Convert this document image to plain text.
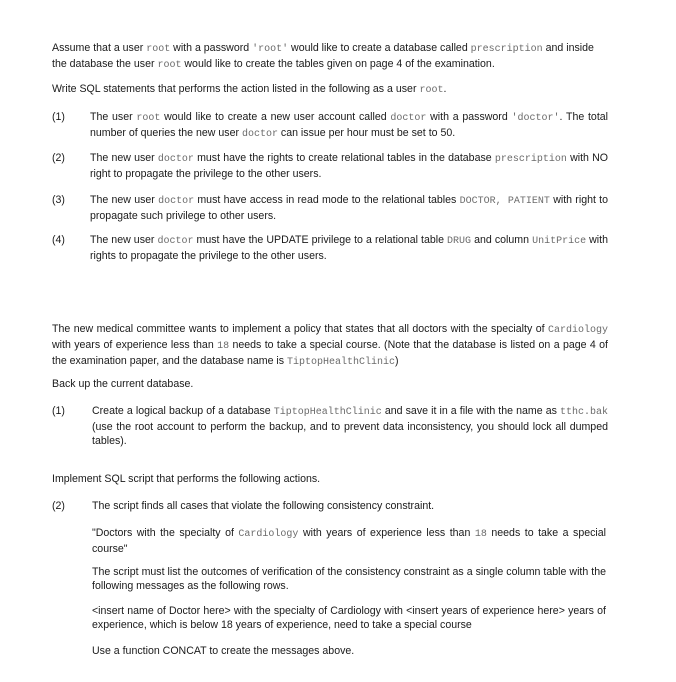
Assume that a user root with a password 'root' would like to create a database called prescription and inside the database the user root would like to create the tables given on page 4 of the examination.

Write SQL statements that performs the action listed in the following as a user root.

(1) The user root would like to create a new user account called doctor with a password 'doctor'. The total number of queries the new user doctor can issue per hour must be set to 50.
(2) The new user doctor must have the rights to create relational tables in the database prescription with NO right to propagate the privilege to the other users.
(3) The new user doctor must have access in read mode to the relational tables DOCTOR, PATIENT with right to propagate such privilege to other users.
(4) The new user doctor must have the UPDATE privilege to a relational table DRUG and column UnitPrice with rights to propagate the privilege to the other users.

The new medical committee wants to implement a policy that states that all doctors with the specialty of Cardiology with years of experience less than 18 needs to take a special course. (Note that the database is listed on a page 4 of the examination paper, and the database name is TiptopHealthClinic)

Back up the current database.

(1)	Create a logical backup of a database TiptopHealthClinic and save it in a file with the name as tthc.bak (use the root account to perform the backup, and to prevent data inconsistency, you should lock all dumped tables).

Implement SQL script that performs the following actions.

(2)	The script finds all cases that violate the following consistency constraint.

"Doctors with the specialty of Cardiology with years of experience less than 18 needs to take a special course"

The script must list the outcomes of verification of the consistency constraint as a single column table with the following messages as the following rows.

<insert name of Doctor here> with the specialty of Cardiology with <insert years of experience here> years of experience, which is below 18 years of experience, need to take a special course

Use a function CONCAT to create the messages above.
